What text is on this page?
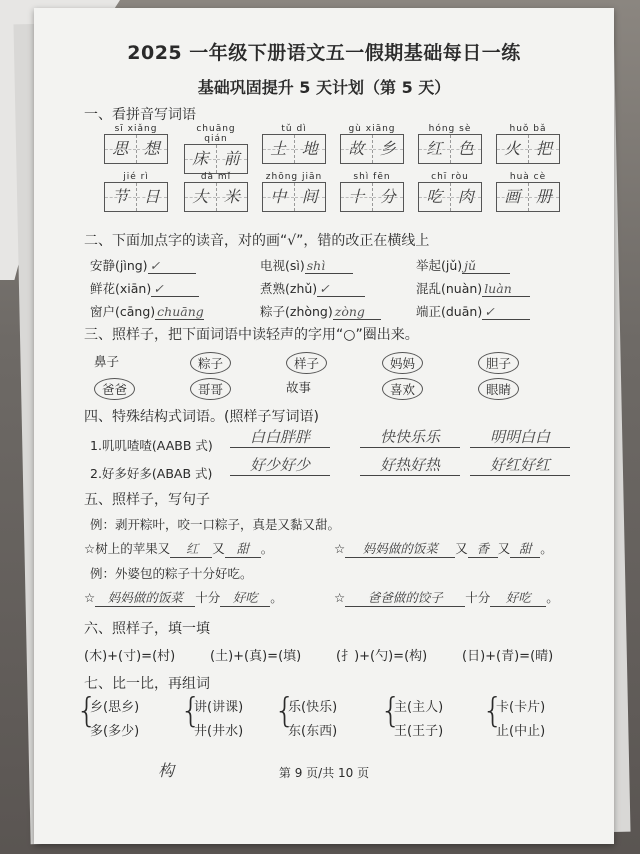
2025 一年级下册语文五一假期基础每日一练
基础巩固提升 5 天计划（第 5 天）
一、看拼音写词语
sī xiǎng
思 想
chuāng qián
床 前
tǔ dì
土 地
gù xiāng
故 乡
hóng sè
红 色
huǒ bǎ
火 把
jié rì
节 日
dà mǐ
大 米
zhōng jiān
中 间
shì fēn
十 分
chī ròu
吃 肉
huà cè
画 册
二、下面加点字的读音，对的画“√”，错的改正在横线上
安静(jìng) ✓	电视(sì) shì	举起(jǔ) jǔ
鲜花(xiān) ✓	煮熟(zhǔ) ✓	混乱(nuàn) luàn
窗户(cāng) chuāng	粽子(zhòng) zòng	端正(duān) ✓
三、照样子，把下面词语中读轻声的字用“○”圈出来。
鼻子	粽子	样子	妈妈	胆子
爸爸	哥哥	故事	喜欢	眼睛
四、特殊结构式词语。(照样子写词语)
1.叽叽喳喳(AABB 式)
2.好多好多(ABAB 式)
白白胖胖	快快乐乐	明明白白
好少好少	好热好热	好红好红
五、照样子，写句子
例：剥开粽叶，咬一口粽子，真是又黏又甜。
☆树上的苹果又 红 又 甜 。	☆ 妈妈做的饭菜 又 香 又 甜 。
例：外婆包的粽子十分好吃。
☆ 妈妈做的饭菜 十分 好吃 。	☆ 爸爸做的饺子 十分 好吃 。
六、照样子，填一填
(木)+(寸)=(村)	(土)+(真)=(填)	(扌)+(勺)=(构)	(日)+(青)=(晴)
七、比一比，再组词
{
乡(思乡)
多(多少)
{
讲(讲课)
井(井水)
{
乐(快乐)
东(东西)
{
主(主人)
王(王子)
{
卡(卡片)
止(中止)
构	第 9 页/共 10 页
